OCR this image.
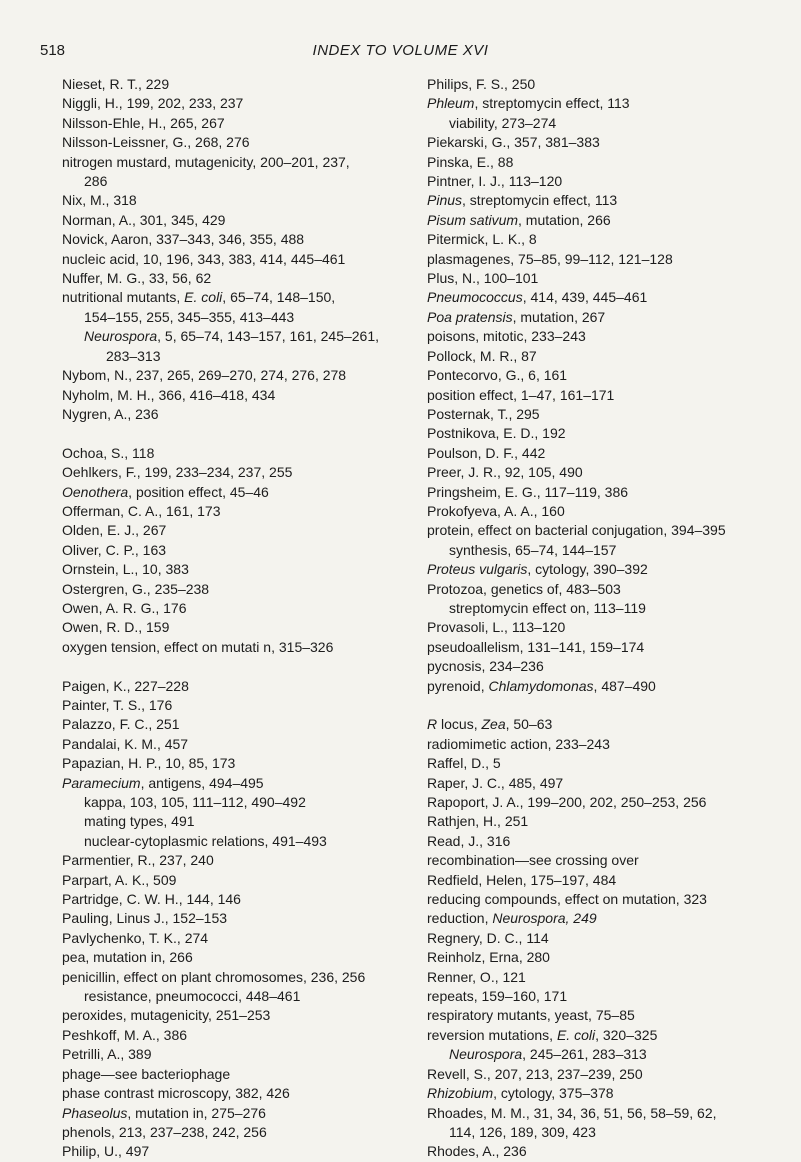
518	INDEX TO VOLUME XVI
Nieset, R. T., 229
Niggli, H., 199, 202, 233, 237
Nilsson-Ehle, H., 265, 267
Nilsson-Leissner, G., 268, 276
nitrogen mustard, mutagenicity, 200–201, 237,
286
Nix, M., 318
Norman, A., 301, 345, 429
Novick, Aaron, 337–343, 346, 355, 488
nucleic acid, 10, 196, 343, 383, 414, 445–461
Nuffer, M. G., 33, 56, 62
nutritional mutants, E. coli, 65–74, 148–150,
154–155, 255, 345–355, 413–443
Neurospora, 5, 65–74, 143–157, 161, 245–261,
283–313
Nybom, N., 237, 265, 269–270, 274, 276, 278
Nyholm, M. H., 366, 416–418, 434
Nygren, A., 236
Ochoa, S., 118
Oehlkers, F., 199, 233–234, 237, 255
Oenothera, position effect, 45–46
Offerman, C. A., 161, 173
Olden, E. J., 267
Oliver, C. P., 163
Ornstein, L., 10, 383
Ostergren, G., 235–238
Owen, A. R. G., 176
Owen, R. D., 159
oxygen tension, effect on mutati n, 315–326
Paigen, K., 227–228
Painter, T. S., 176
Palazzo, F. C., 251
Pandalai, K. M., 457
Papazian, H. P., 10, 85, 173
Paramecium, antigens, 494–495
kappa, 103, 105, 111–112, 490–492
mating types, 491
nuclear-cytoplasmic relations, 491–493
Parmentier, R., 237, 240
Parpart, A. K., 509
Partridge, C. W. H., 144, 146
Pauling, Linus J., 152–153
Pavlychenko, T. K., 274
pea, mutation in, 266
penicillin, effect on plant chromosomes, 236, 256
resistance, pneumococci, 448–461
peroxides, mutagenicity, 251–253
Peshkoff, M. A., 386
Petrilli, A., 389
phage—see bacteriophage
phase contrast microscopy, 382, 426
Phaseolus, mutation in, 275–276
phenols, 213, 237–238, 242, 256
Philip, U., 497
Philips, F. S., 250
Phleum, streptomycin effect, 113
viability, 273–274
Piekarski, G., 357, 381–383
Pinska, E., 88
Pintner, I. J., 113–120
Pinus, streptomycin effect, 113
Pisum sativum, mutation, 266
Pitermick, L. K., 8
plasmagenes, 75–85, 99–112, 121–128
Plus, N., 100–101
Pneumococcus, 414, 439, 445–461
Poa pratensis, mutation, 267
poisons, mitotic, 233–243
Pollock, M. R., 87
Pontecorvo, G., 6, 161
position effect, 1–47, 161–171
Posternak, T., 295
Postnikova, E. D., 192
Poulson, D. F., 442
Preer, J. R., 92, 105, 490
Pringsheim, E. G., 117–119, 386
Prokofyeva, A. A., 160
protein, effect on bacterial conjugation, 394–395
synthesis, 65–74, 144–157
Proteus vulgaris, cytology, 390–392
Protozoa, genetics of, 483–503
streptomycin effect on, 113–119
Provasoli, L., 113–120
pseudoallelism, 131–141, 159–174
pycnosis, 234–236
pyrenoid, Chlamydomonas, 487–490
R locus, Zea, 50–63
radiomimetic action, 233–243
Raffel, D., 5
Raper, J. C., 485, 497
Rapoport, J. A., 199–200, 202, 250–253, 256
Rathjen, H., 251
Read, J., 316
recombination—see crossing over
Redfield, Helen, 175–197, 484
reducing compounds, effect on mutation, 323
reduction, Neurospora, 249
Regnery, D. C., 114
Reinholz, Erna, 280
Renner, O., 121
repeats, 159–160, 171
respiratory mutants, yeast, 75–85
reversion mutations, E. coli, 320–325
Neurospora, 245–261, 283–313
Revell, S., 207, 213, 237–239, 250
Rhizobium, cytology, 375–378
Rhoades, M. M., 31, 34, 36, 51, 56, 58–59, 62,
114, 126, 189, 309, 423
Rhodes, A., 236
